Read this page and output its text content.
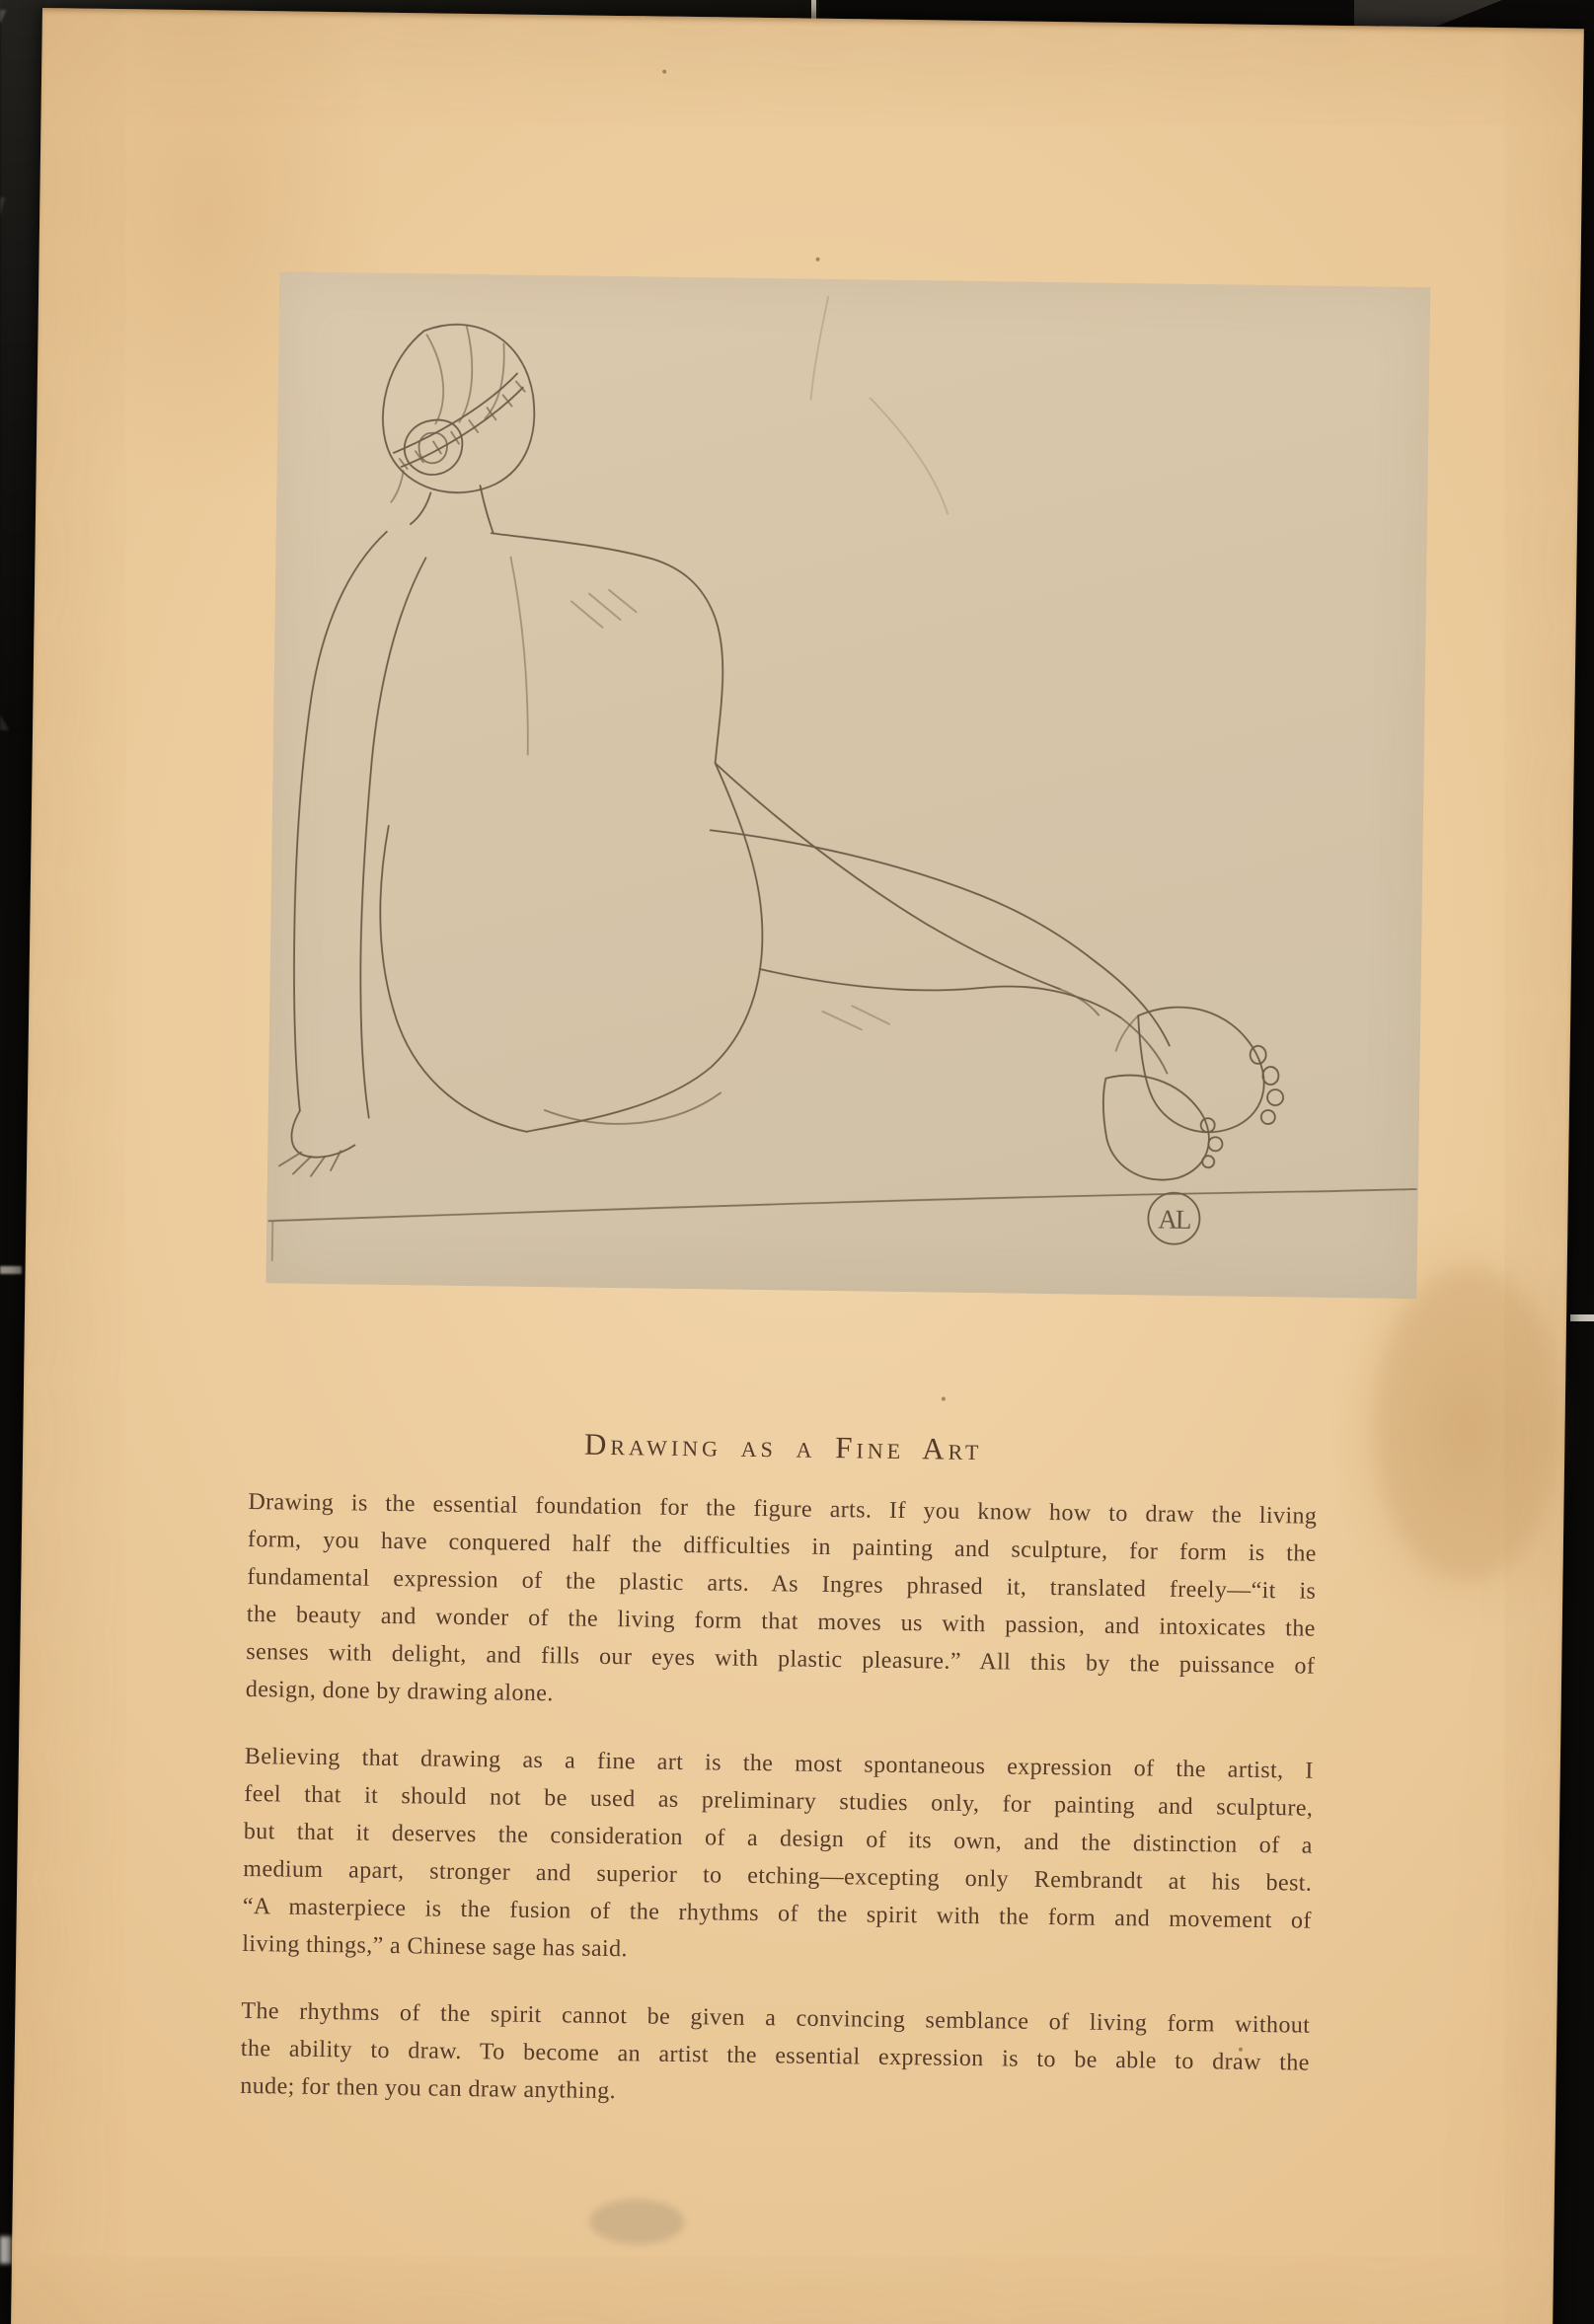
AL
Drawing as a Fine Art
Drawing is the essential foundation for the figure arts. If you know how to draw the living
form, you have conquered half the difficulties in painting and sculpture, for form is the
fundamental expression of the plastic arts. As Ingres phrased it, translated freely—“it is
the beauty and wonder of the living form that moves us with passion, and intoxicates the
senses with delight, and fills our eyes with plastic pleasure.” All this by the puissance of
design, done by drawing alone.
Believing that drawing as a fine art is the most spontaneous expression of the artist, I
feel that it should not be used as preliminary studies only, for painting and sculpture,
but that it deserves the consideration of a design of its own, and the distinction of a
medium apart, stronger and superior to etching—excepting only Rembrandt at his best.
“A masterpiece is the fusion of the rhythms of the spirit with the form and movement of
living things,” a Chinese sage has said.
The rhythms of the spirit cannot be given a convincing semblance of living form without
the ability to draw. To become an artist the essential expression is to be able to draw the
nude; for then you can draw anything.
